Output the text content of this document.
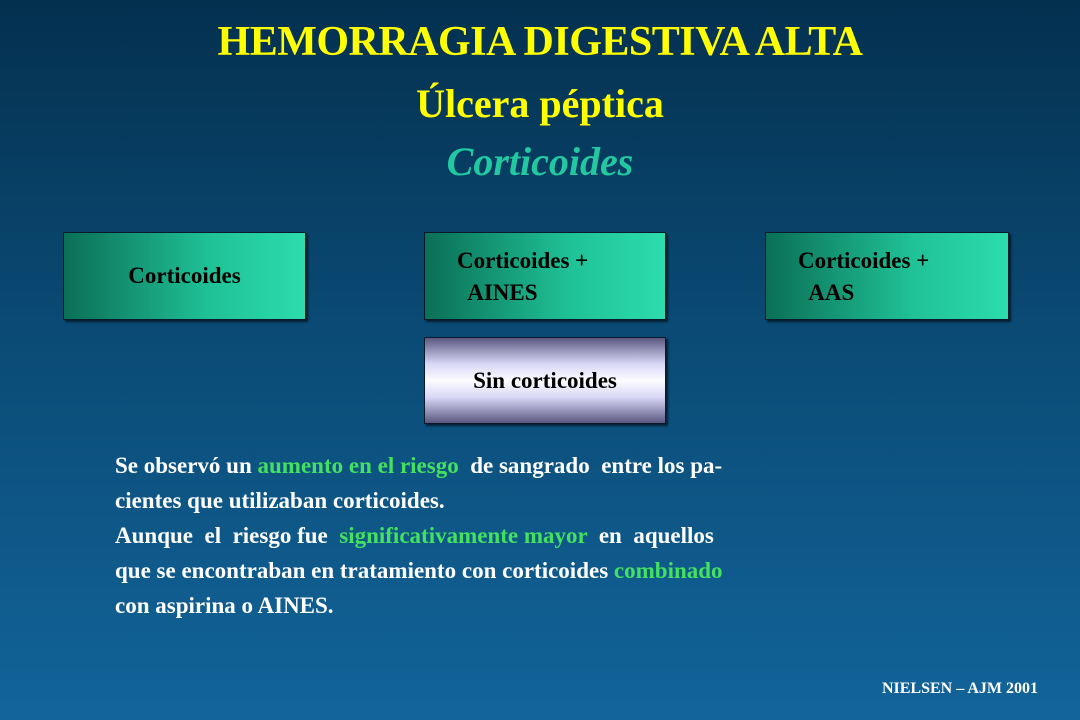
HEMORRAGIA DIGESTIVA ALTA
Úlcera péptica
Corticoides
Corticoides
Corticoides +
AINES
Corticoides +
AAS
Sin corticoides
Se observó un aumento en el riesgo  de sangrado  entre los pa-
cientes que utilizaban corticoides.
Aunque  el  riesgo fue  significativamente mayor  en  aquellos
que se encontraban en tratamiento con corticoides combinado
con aspirina o AINES.
NIELSEN – AJM 2001
